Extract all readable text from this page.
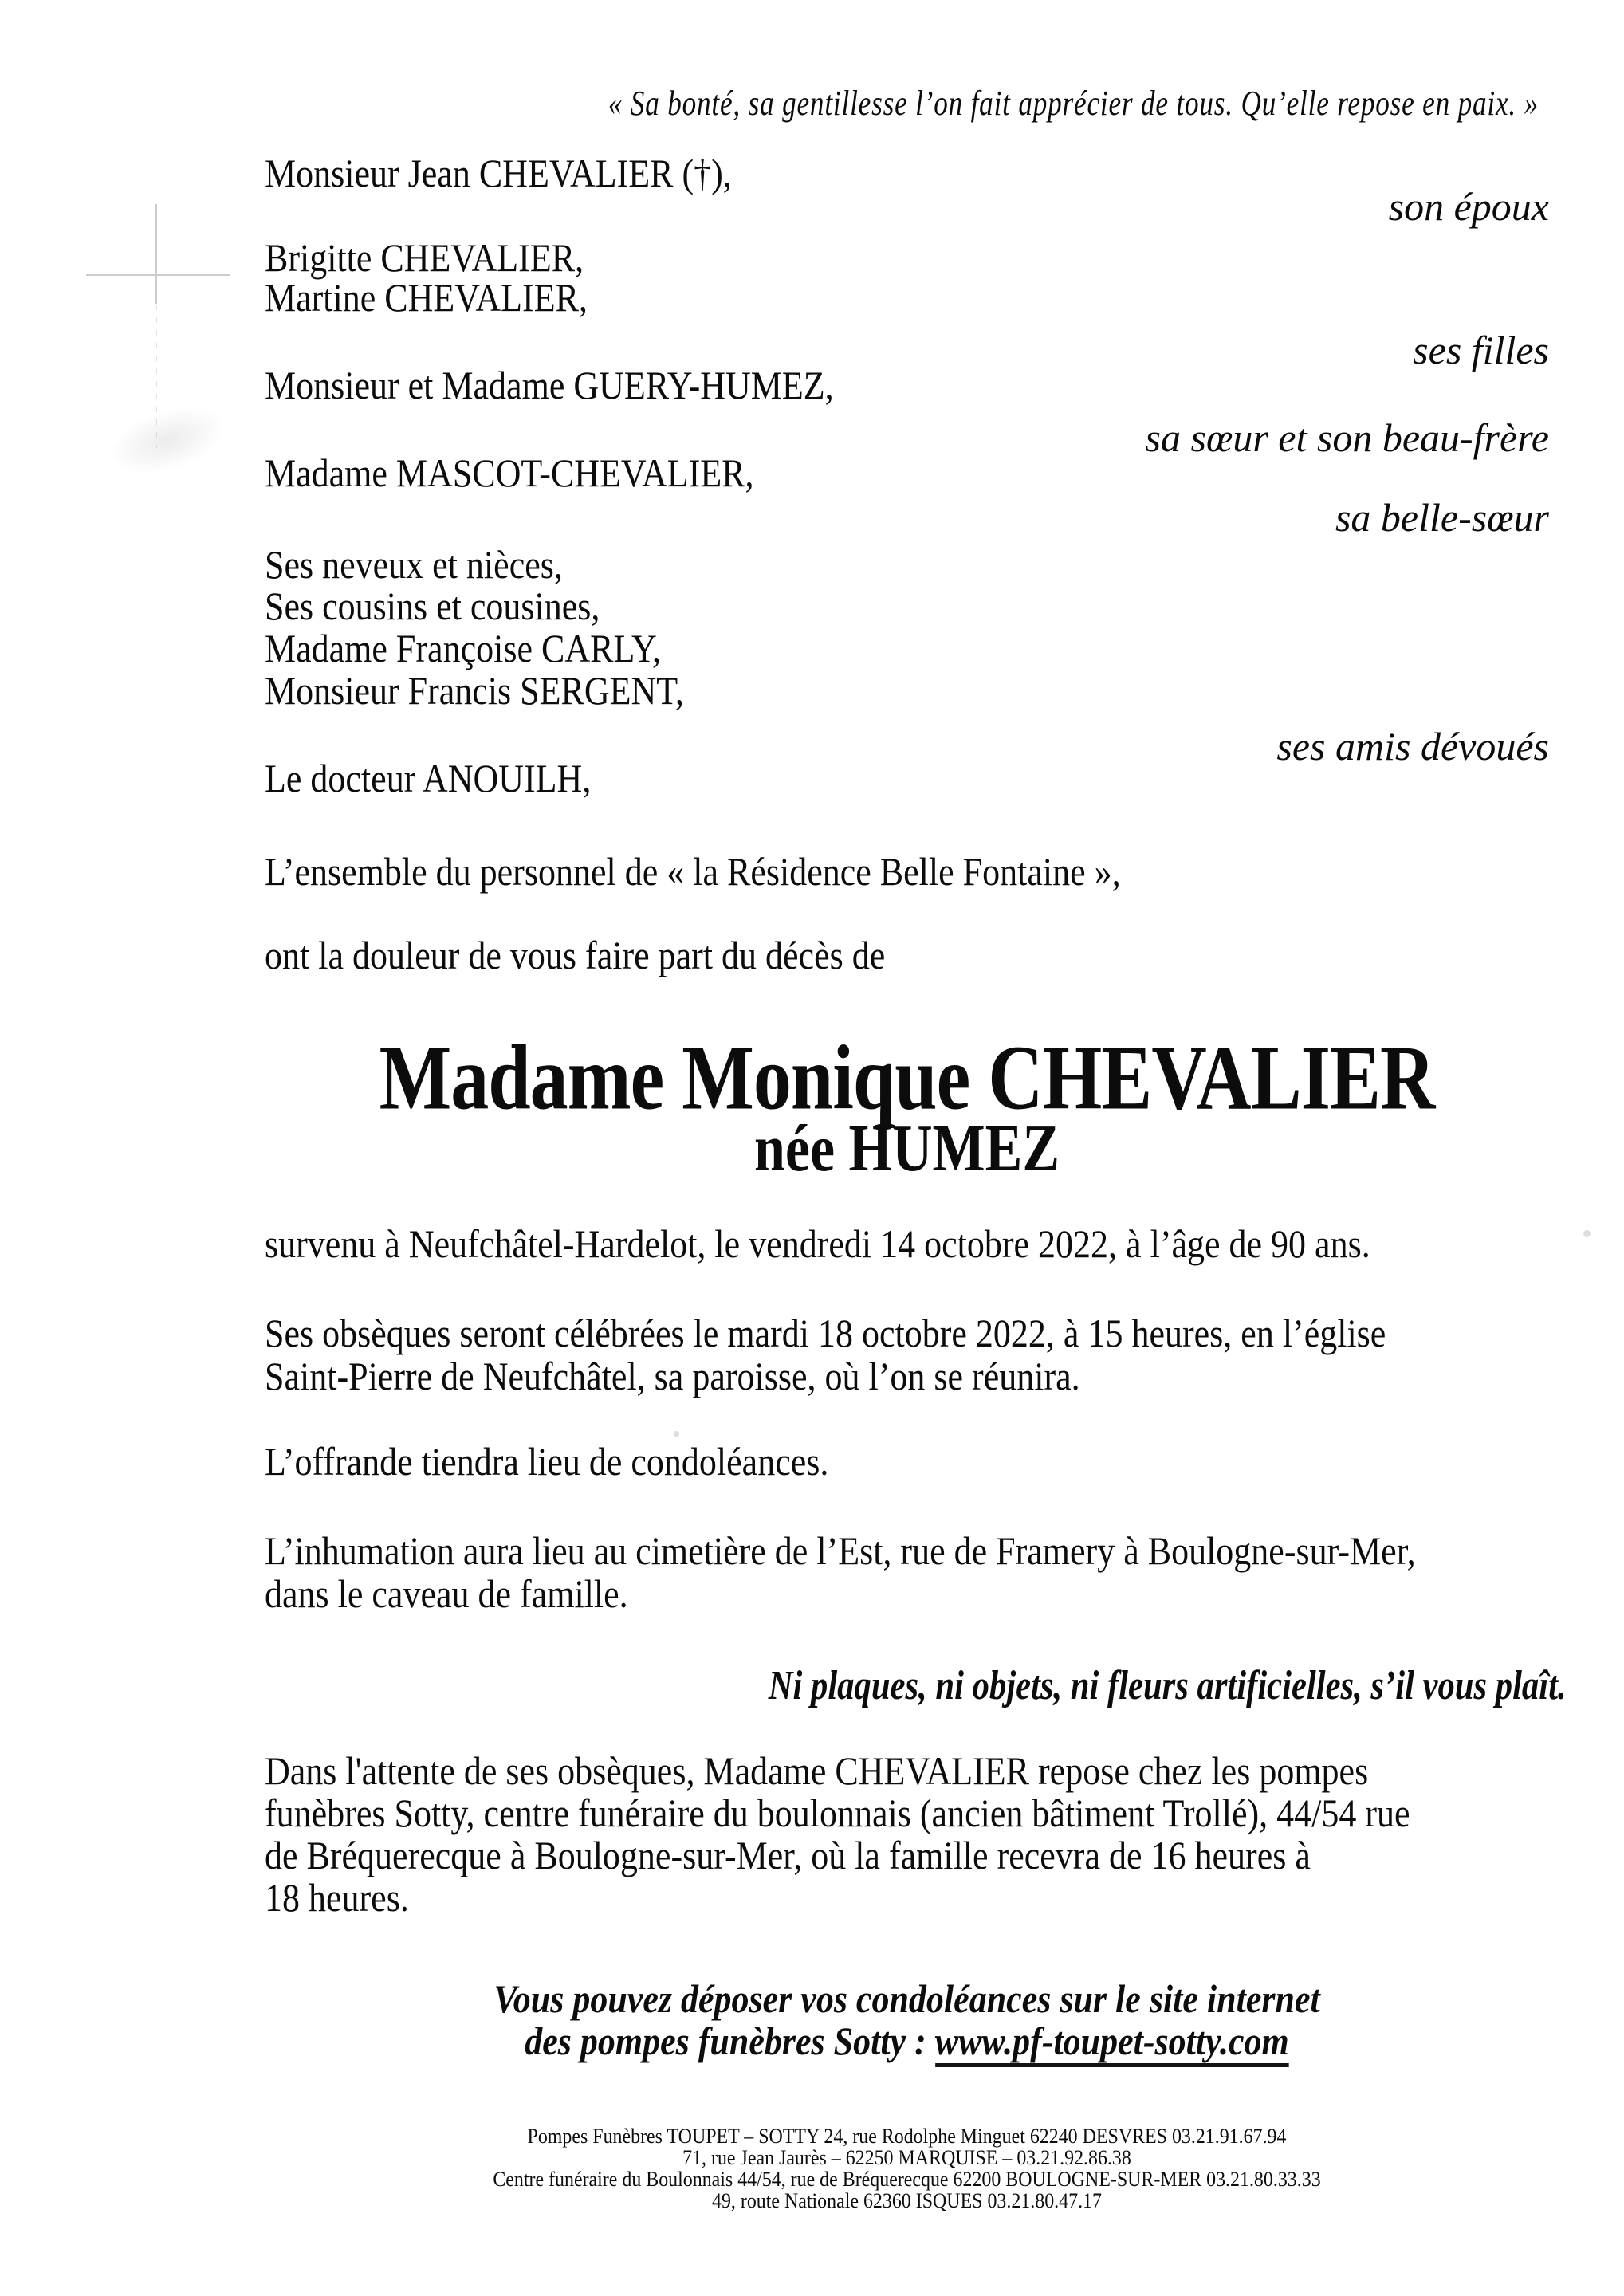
« Sa bonté, sa gentillesse l’on fait apprécier de tous. Qu’elle repose en paix. »
Monsieur Jean CHEVALIER (†),
son époux
Brigitte CHEVALIER,
Martine CHEVALIER,
ses filles
Monsieur et Madame GUERY-HUMEZ,
sa sœur et son beau-frère
Madame MASCOT-CHEVALIER,
sa belle-sœur
Ses neveux et nièces,
Ses cousins et cousines,
Madame Françoise CARLY,
Monsieur Francis SERGENT,
ses amis dévoués
Le docteur ANOUILH,
L’ensemble du personnel de « la Résidence Belle Fontaine »,
ont la douleur de vous faire part du décès de
Madame Monique CHEVALIER
née HUMEZ
survenu à Neufchâtel-Hardelot, le vendredi 14 octobre 2022, à l’âge de 90 ans.
Ses obsèques seront célébrées le mardi 18 octobre 2022, à 15 heures, en l’église
Saint-Pierre de Neufchâtel, sa paroisse, où l’on se réunira.
L’offrande tiendra lieu de condoléances.
L’inhumation aura lieu au cimetière de l’Est, rue de Framery à Boulogne-sur-Mer,
dans le caveau de famille.
Ni plaques, ni objets, ni fleurs artificielles, s’il vous plaît.
Dans l'attente de ses obsèques, Madame CHEVALIER repose chez les pompes
funèbres Sotty, centre funéraire du boulonnais (ancien bâtiment Trollé), 44/54 rue
de Bréquerecque à Boulogne-sur-Mer, où la famille recevra de 16 heures à
18 heures.
Vous pouvez déposer vos condoléances sur le site internet
des pompes funèbres Sotty : www.pf-toupet-sotty.com
Pompes Funèbres TOUPET – SOTTY 24, rue Rodolphe Minguet 62240 DESVRES 03.21.91.67.94
71, rue Jean Jaurès – 62250 MARQUISE – 03.21.92.86.38
Centre funéraire du Boulonnais 44/54, rue de Bréquerecque 62200 BOULOGNE-SUR-MER 03.21.80.33.33
49, route Nationale 62360 ISQUES 03.21.80.47.17
